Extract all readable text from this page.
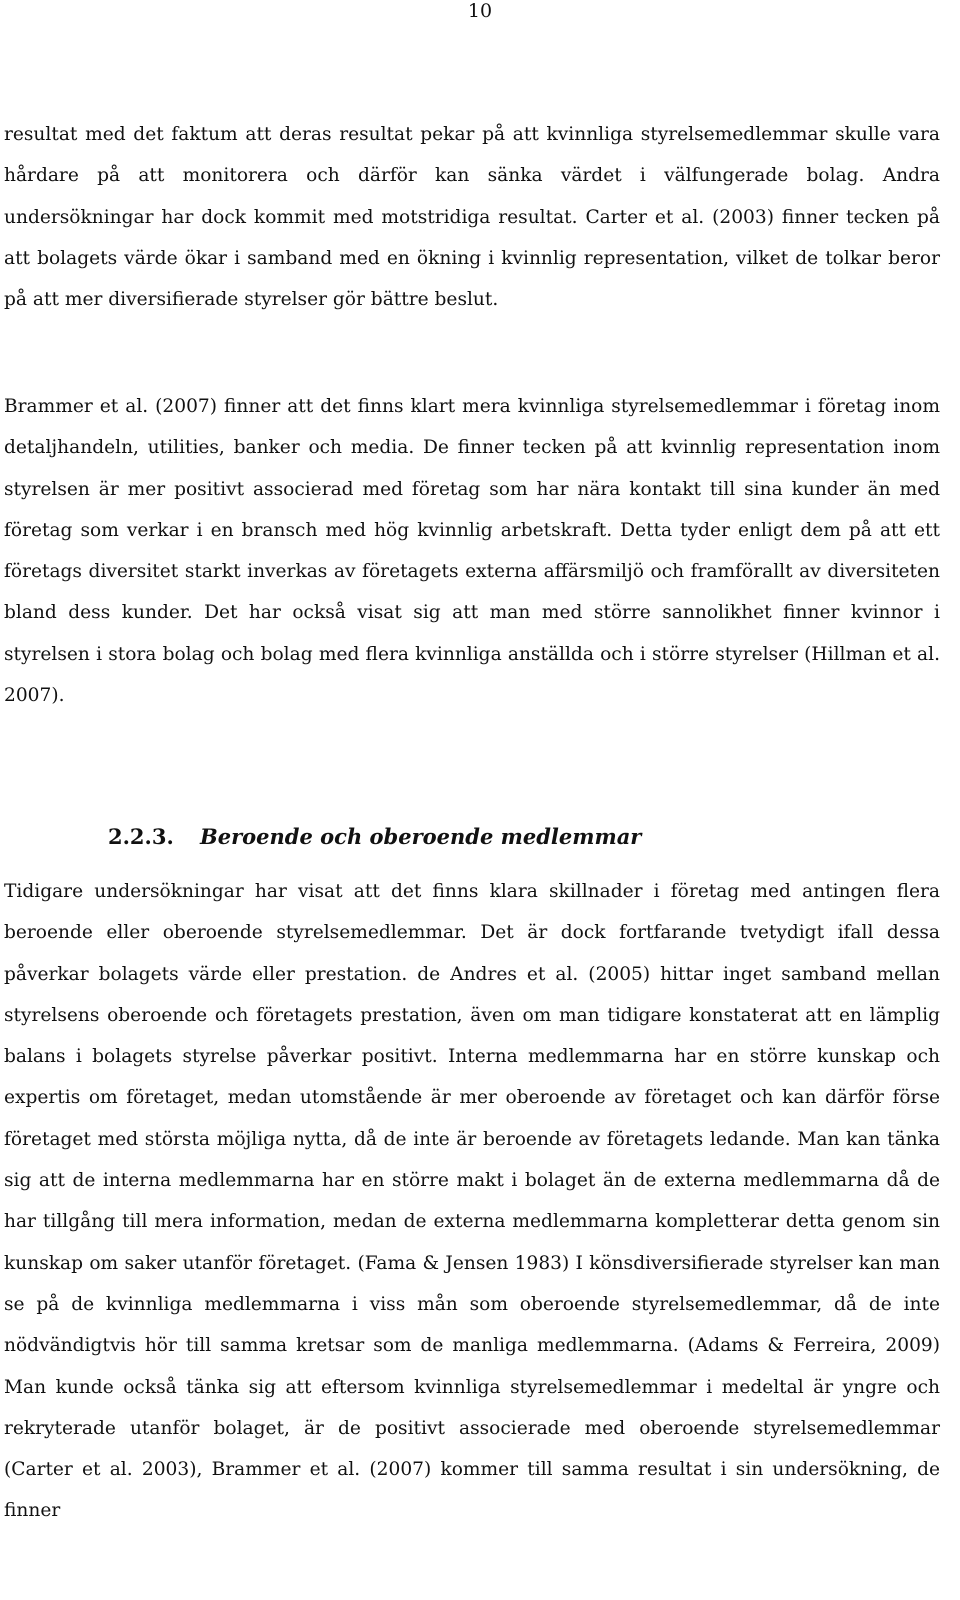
10

resultat med det faktum att deras resultat pekar på att kvinnliga styrelsemedlemmar skulle vara hårdare på att monitorera och därför kan sänka värdet i välfungerade bolag. Andra undersökningar har dock kommit med motstridiga resultat. Carter et al. (2003) finner tecken på att bolagets värde ökar i samband med en ökning i kvinnlig representation, vilket de tolkar beror på att mer diversifierade styrelser gör bättre beslut.

Brammer et al. (2007) finner att det finns klart mera kvinnliga styrelsemedlemmar i företag inom detaljhandeln, utilities, banker och media. De finner tecken på att kvinnlig representation inom styrelsen är mer positivt associerad med företag som har nära kontakt till sina kunder än med företag som verkar i en bransch med hög kvinnlig arbetskraft. Detta tyder enligt dem på att ett företags diversitet starkt inverkas av företagets externa affärsmiljö och framförallt av diversiteten bland dess kunder. Det har också visat sig att man med större sannolikhet finner kvinnor i styrelsen i stora bolag och bolag med flera kvinnliga anställda och i större styrelser (Hillman et al. 2007).

2.2.3. Beroende och oberoende medlemmar

Tidigare undersökningar har visat att det finns klara skillnader i företag med antingen flera beroende eller oberoende styrelsemedlemmar. Det är dock fortfarande tvetydigt ifall dessa påverkar bolagets värde eller prestation. de Andres et al. (2005) hittar inget samband mellan styrelsens oberoende och företagets prestation, även om man tidigare konstaterat att en lämplig balans i bolagets styrelse påverkar positivt. Interna medlemmarna har en större kunskap och expertis om företaget, medan utomstående är mer oberoende av företaget och kan därför förse företaget med största möjliga nytta, då de inte är beroende av företagets ledande. Man kan tänka sig att de interna medlemmarna har en större makt i bolaget än de externa medlemmarna då de har tillgång till mera information, medan de externa medlemmarna kompletterar detta genom sin kunskap om saker utanför företaget. (Fama & Jensen 1983) I könsdiversifierade styrelser kan man se på de kvinnliga medlemmarna i viss mån som oberoende styrelsemedlemmar, då de inte nödvändigtvis hör till samma kretsar som de manliga medlemmarna. (Adams & Ferreira, 2009) Man kunde också tänka sig att eftersom kvinnliga styrelsemedlemmar i medeltal är yngre och rekryterade utanför bolaget, är de positivt associerade med oberoende styrelsemedlemmar (Carter et al. 2003), Brammer et al. (2007) kommer till samma resultat i sin undersökning, de finner
